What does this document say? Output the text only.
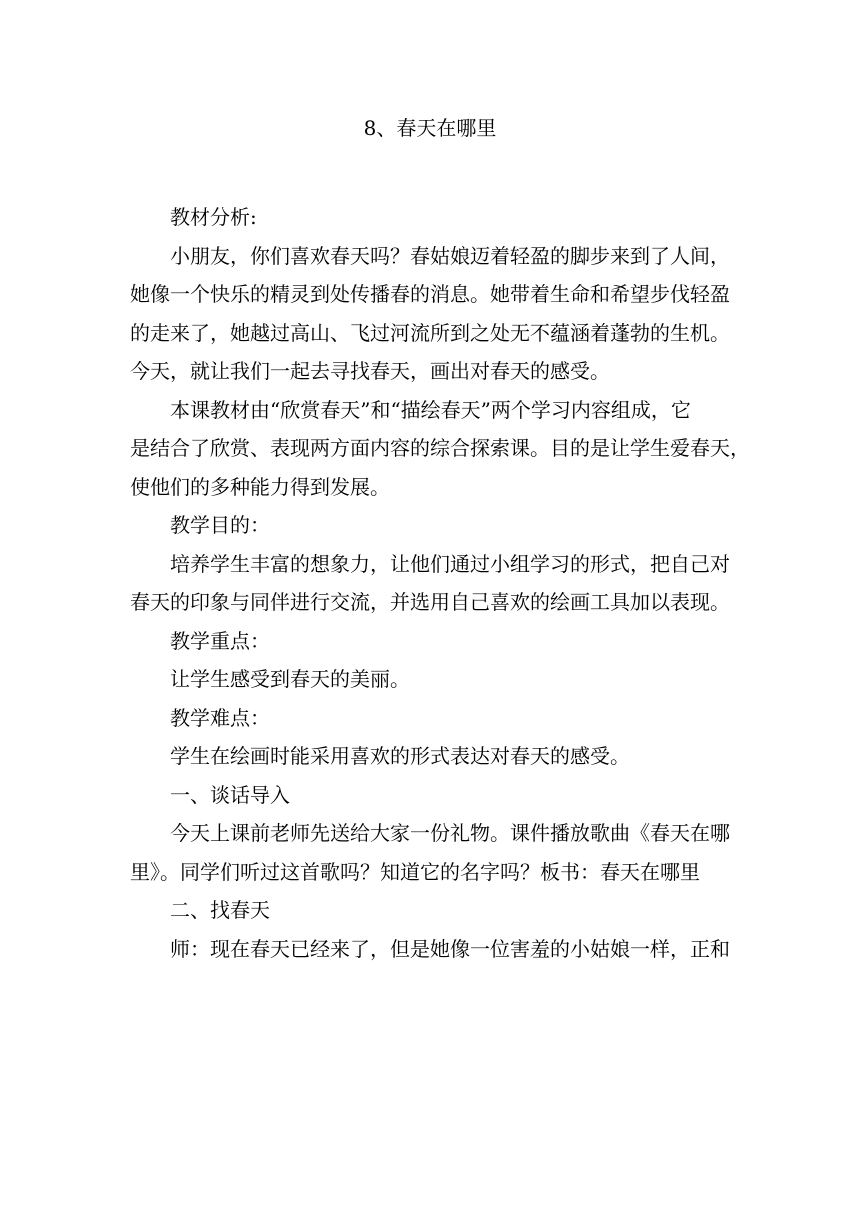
8、春天在哪里
教材分析:
小朋友，你们喜欢春天吗？春姑娘迈着轻盈的脚步来到了人间，
她像一个快乐的精灵到处传播春的消息。她带着生命和希望步伐轻盈
的走来了，她越过高山、飞过河流所到之处无不蕴涵着蓬勃的生机。
今天，就让我们一起去寻找春天，画出对春天的感受。
本课教材由“欣赏春天”和“描绘春天”两个学习内容组成，它
是结合了欣赏、表现两方面内容的综合探索课。目的是让学生爱春天，
使他们的多种能力得到发展。
教学目的：
培养学生丰富的想象力，让他们通过小组学习的形式，把自己对
春天的印象与同伴进行交流，并选用自己喜欢的绘画工具加以表现。
教学重点：
让学生感受到春天的美丽。
教学难点：
学生在绘画时能采用喜欢的形式表达对春天的感受。
一、谈话导入
今天上课前老师先送给大家一份礼物。课件播放歌曲《春天在哪
里》。同学们听过这首歌吗？知道它的名字吗？板书：春天在哪里
二、找春天
师：现在春天已经来了，但是她像一位害羞的小姑娘一样，正和
